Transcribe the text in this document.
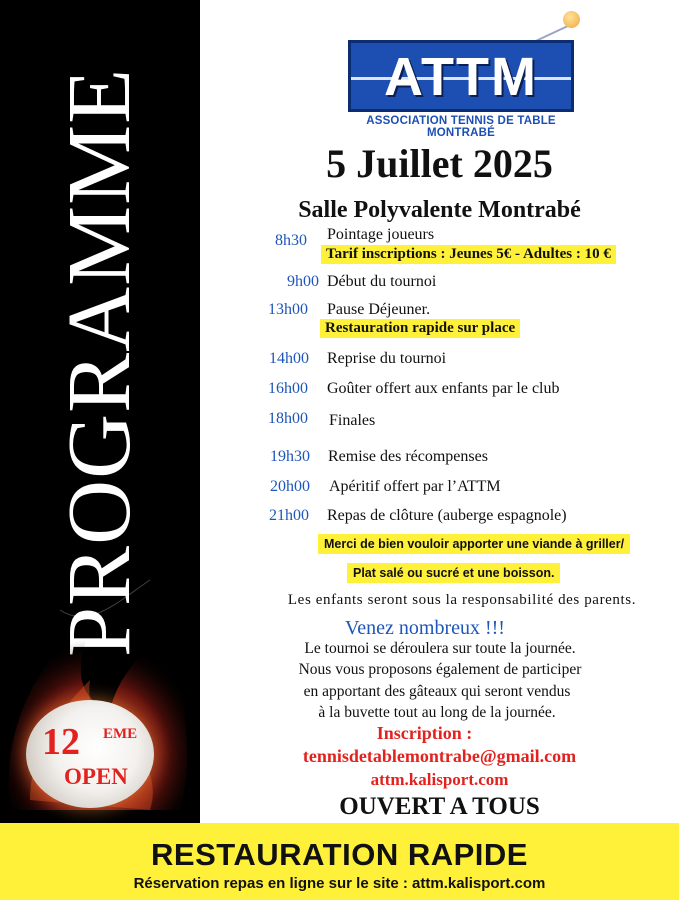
PROGRAMME
12 EME
OPEN
ATTM
ASSOCIATION TENNIS DE TABLE MONTRABÉ
5 Juillet 2025
Salle Polyvalente Montrabé
8h30 Pointage joueurs
Tarif inscriptions : Jeunes 5€ - Adultes : 10 €
9h00 Début du tournoi
13h00 Pause Déjeuner.
Restauration rapide sur place
14h00 Reprise du tournoi
16h00 Goûter offert aux enfants par le club
18h00 Finales
19h30 Remise des récompenses
20h00 Apéritif offert par l’ATTM
21h00 Repas de clôture (auberge espagnole)
Merci de bien vouloir apporter une viande à griller/
Plat salé ou sucré et une boisson.
Les enfants seront sous la responsabilité des parents.
Venez nombreux !!!
Le tournoi se déroulera sur toute la journée.
Nous vous proposons également de participer
en apportant des gâteaux qui seront vendus
à la buvette tout au long de la journée.
Inscription :
tennisdetablemontrabe@gmail.com
attm.kalisport.com
OUVERT A TOUS
RESTAURATION RAPIDE
Réservation repas en ligne sur le site : attm.kalisport.com
